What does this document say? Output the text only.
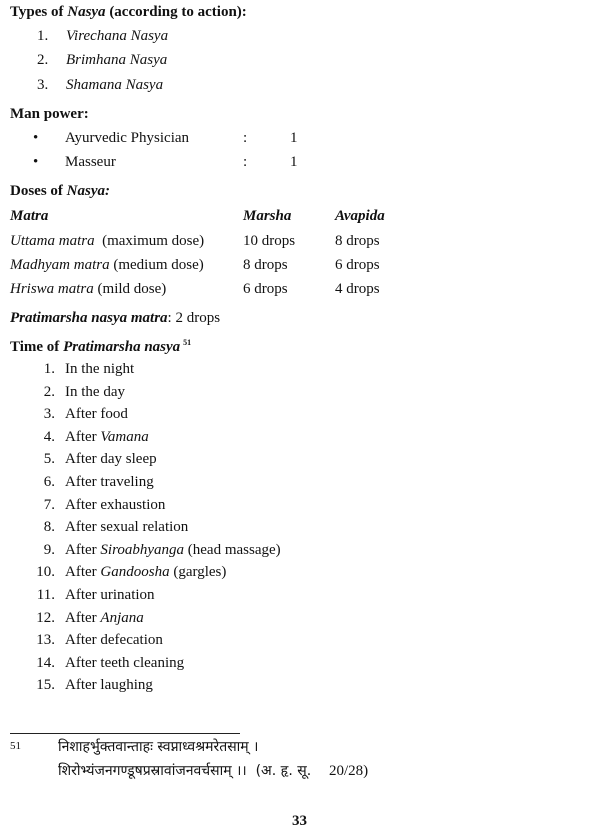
Types of Nasya (according to action):
1. Virechana Nasya
2. Brimhana Nasya
3. Shamana Nasya
Man power:
• Ayurvedic Physician	:	1
• Masseur	:	1
Doses of Nasya:
Matra	Marsha	Avapida
Uttama matra (maximum dose)	10 drops	8 drops
Madhyam matra (medium dose)	8 drops	6 drops
Hriswa matra (mild dose)	6 drops	4 drops
Pratimarsha nasya matra: 2 drops
Time of Pratimarsha nasya $^{51}$
1. In the night
2. In the day
3. After food
4. After Vamana
5. After day sleep
6. After traveling
7. After exhaustion
8. After sexual relation
9. After Siroabhyanga (head massage)
10. After Gandoosha (gargles)
11. After urination
12. After Anjana
13. After defecation
14. After teeth cleaning
15. After laughing
51	निशाहर्भुक्तवान्ताहः स्वप्नाध्वश्रमरेतसाम् ।
शिरोभ्यंजनगण्डूषप्रस्रावांजनवर्चसाम् ।। (अ. हृ. सू. 20/28)
33
